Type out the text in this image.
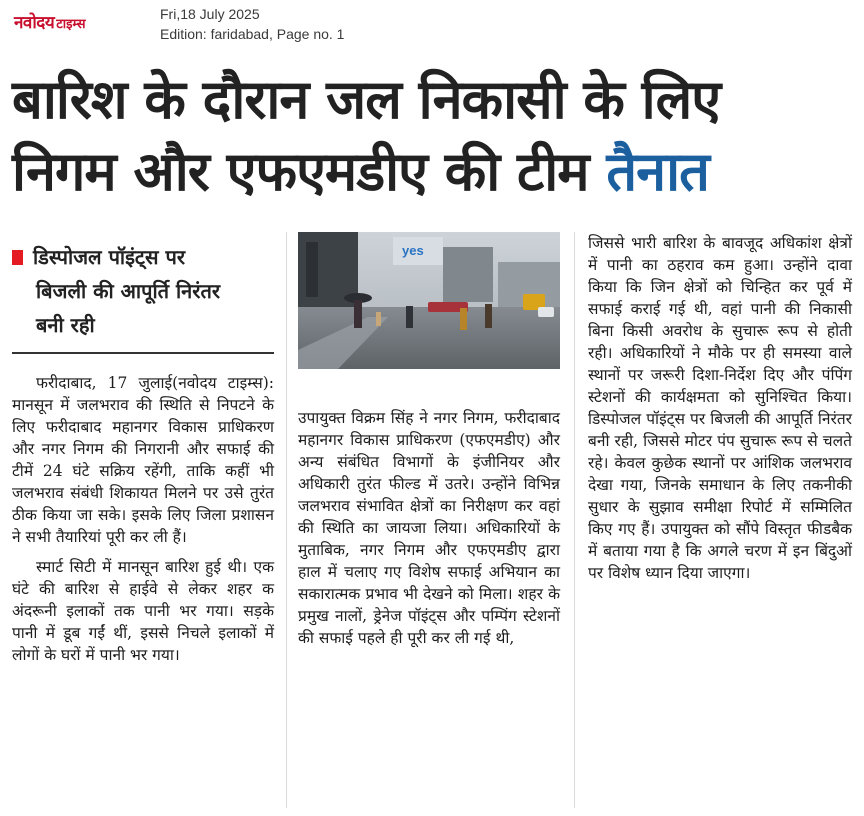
नवोदय टाइम्स
Fri,18 July 2025
Edition: faridabad, Page no. 1
बारिश के दौरान जल निकासी के लिए
निगम और एफएमडीए की टीम तैनात
डिस्पोजल पॉइंट्स पर
बिजली की आपूर्ति निरंतर
बनी रही

फरीदाबाद, 17 जुलाई(नवोदय टाइम्स): मानसून में जलभराव की स्थिति से निपटने के लिए फरीदाबाद महानगर विकास प्राधिकरण और नगर निगम की निगरानी और सफाई की टीमें 24 घंटे सक्रिय रहेंगी, ताकि कहीं भी जलभराव संबंधी शिकायत मिलने पर उसे तुरंत ठीक किया जा सके। इसके लिए जिला प्रशासन ने सभी तैयारियां पूरी कर ली हैं।

स्मार्ट सिटी में मानसून बारिश हुई थी। एक घंटे की बारिश से हाईवे से लेकर शहर क अंदरूनी इलाकों तक पानी भर गया। सड़के पानी में डूब गईं थीं, इससे निचले इलाकों में लोगों के घरों में पानी भर गया।

yes

उपायुक्त विक्रम सिंह ने नगर निगम, फरीदाबाद महानगर विकास प्राधिकरण (एफएमडीए) और अन्य संबंधित विभागों के इंजीनियर और अधिकारी तुरंत फील्ड में उतरे। उन्होंने विभिन्न जलभराव संभावित क्षेत्रों का निरीक्षण कर वहां की स्थिति का जायजा लिया। अधिकारियों के मुताबिक, नगर निगम और एफएमडीए द्वारा हाल में चलाए गए विशेष सफाई अभियान का सकारात्मक प्रभाव भी देखने को मिला। शहर के प्रमुख नालों, ड्रेनेज पॉइंट्स और पम्पिंग स्टेशनों की सफाई पहले ही पूरी कर ली गई थी,

जिससे भारी बारिश के बावजूद अधिकांश क्षेत्रों में पानी का ठहराव कम हुआ। उन्होंने दावा किया कि जिन क्षेत्रों को चिन्हित कर पूर्व में सफाई कराई गई थी, वहां पानी की निकासी बिना किसी अवरोध के सुचारू रूप से होती रही। अधिकारियों ने मौके पर ही समस्या वाले स्थानों पर जरूरी दिशा-निर्देश दिए और पंपिंग स्टेशनों की कार्यक्षमता को सुनिश्चित किया। डिस्पोजल पॉइंट्स पर बिजली की आपूर्ति निरंतर बनी रही, जिससे मोटर पंप सुचारू रूप से चलते रहे। केवल कुछेक स्थानों पर आंशिक जलभराव देखा गया, जिनके समाधान के लिए तकनीकी सुधार के सुझाव समीक्षा रिपोर्ट में सम्मिलित किए गए हैं। उपायुक्त को सौंपे विस्तृत फीडबैक में बताया गया है कि अगले चरण में इन बिंदुओं पर विशेष ध्यान दिया जाएगा।
